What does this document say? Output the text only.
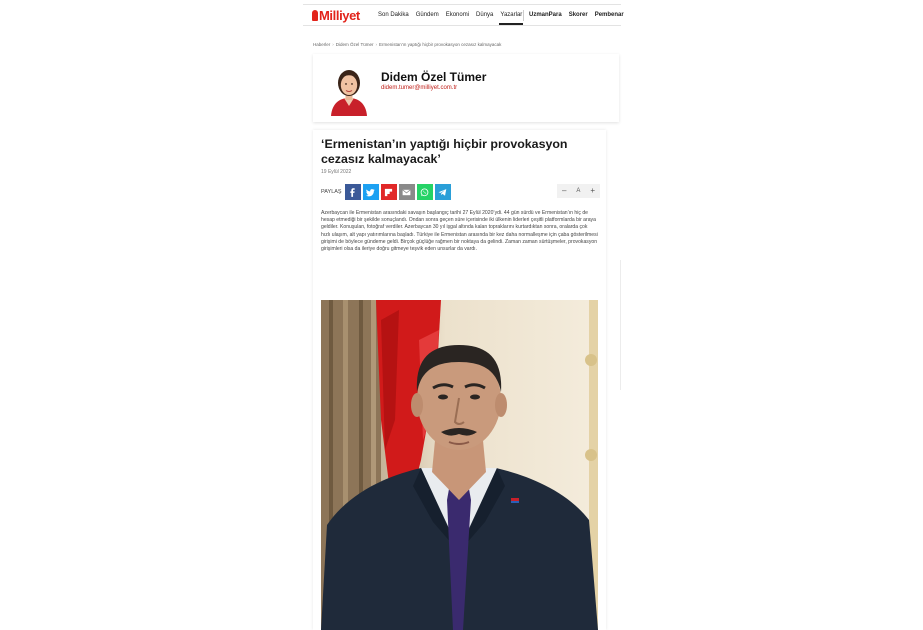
Milliyet	Son Dakika Gündem Ekonomi Dünya Yazarlar UzmanPara Skorer Pembenar
Haberler › Didem Özel Tümer › Ermenistan'ın yaptığı hiçbir provokasyon cezasız kalmayacak
Didem Özel Tümer
didem.tumer@milliyet.com.tr
‘Ermenistan’ın yaptığı hiçbir provokasyon cezasız kalmayacak’
19 Eylül 2022
PAYLAŞ	– A +

Azerbaycan ile Ermenistan arasındaki savaşın başlangıç tarihi 27 Eylül 2020’ydi. 44 gün sürdü ve Ermenistan’ın hiç de hesap etmediği bir şekilde sonuçlandı. Ondan sonra geçen süre içerisinde iki ülkenin liderleri çeşitli platformlarda bir araya geldiler. Konuşulan, fotoğraf verdiler. Azerbaycan 30 yıl işgal altında kalan topraklarını kurtardıktan sonra, oralarda çok hızlı ulaşım, alt yapı yatırımlarına başladı. Türkiye ile Ermenistan arasında bir kez daha normalleşme için çaba gösterilmesi girişimi de böylece gündeme geldi. Birçok güçlüğe rağmen bir noktaya da gelindi. Zaman zaman sürtüşmeler, provokasyon girişimleri olsa da ileriye doğru gitmeye teşvik eden unsurlar da vardı.
